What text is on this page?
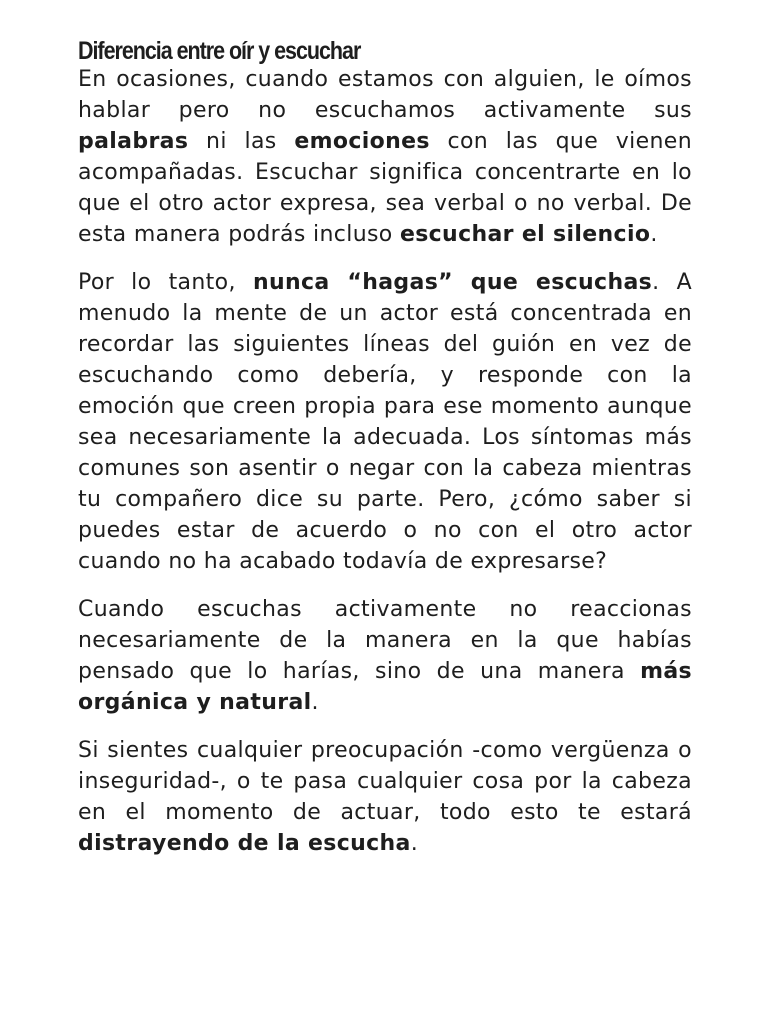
Diferencia entre oír y escuchar

En ocasiones, cuando estamos con alguien, le oímos hablar pero no escuchamos activamente sus palabras ni las emociones con las que vienen acompañadas. Escuchar significa concentrarte en lo que el otro actor expresa, sea verbal o no verbal. De esta manera podrás incluso escuchar el silencio.

Por lo tanto, nunca “hagas” que escuchas. A menudo la mente de un actor está concentrada en recordar las siguientes líneas del guión en vez de escuchando como debería, y responde con la emoción que creen propia para ese momento aunque sea necesariamente la adecuada. Los síntomas más comunes son asentir o negar con la cabeza mientras tu compañero dice su parte. Pero, ¿cómo saber si puedes estar de acuerdo o no con el otro actor cuando no ha acabado todavía de expresarse?

Cuando escuchas activamente no reaccionas necesariamente de la manera en la que habías pensado que lo harías, sino de una manera más orgánica y natural.

Si sientes cualquier preocupación -como vergüenza o inseguridad-, o te pasa cualquier cosa por la cabeza en el momento de actuar, todo esto te estará distrayendo de la escucha.
